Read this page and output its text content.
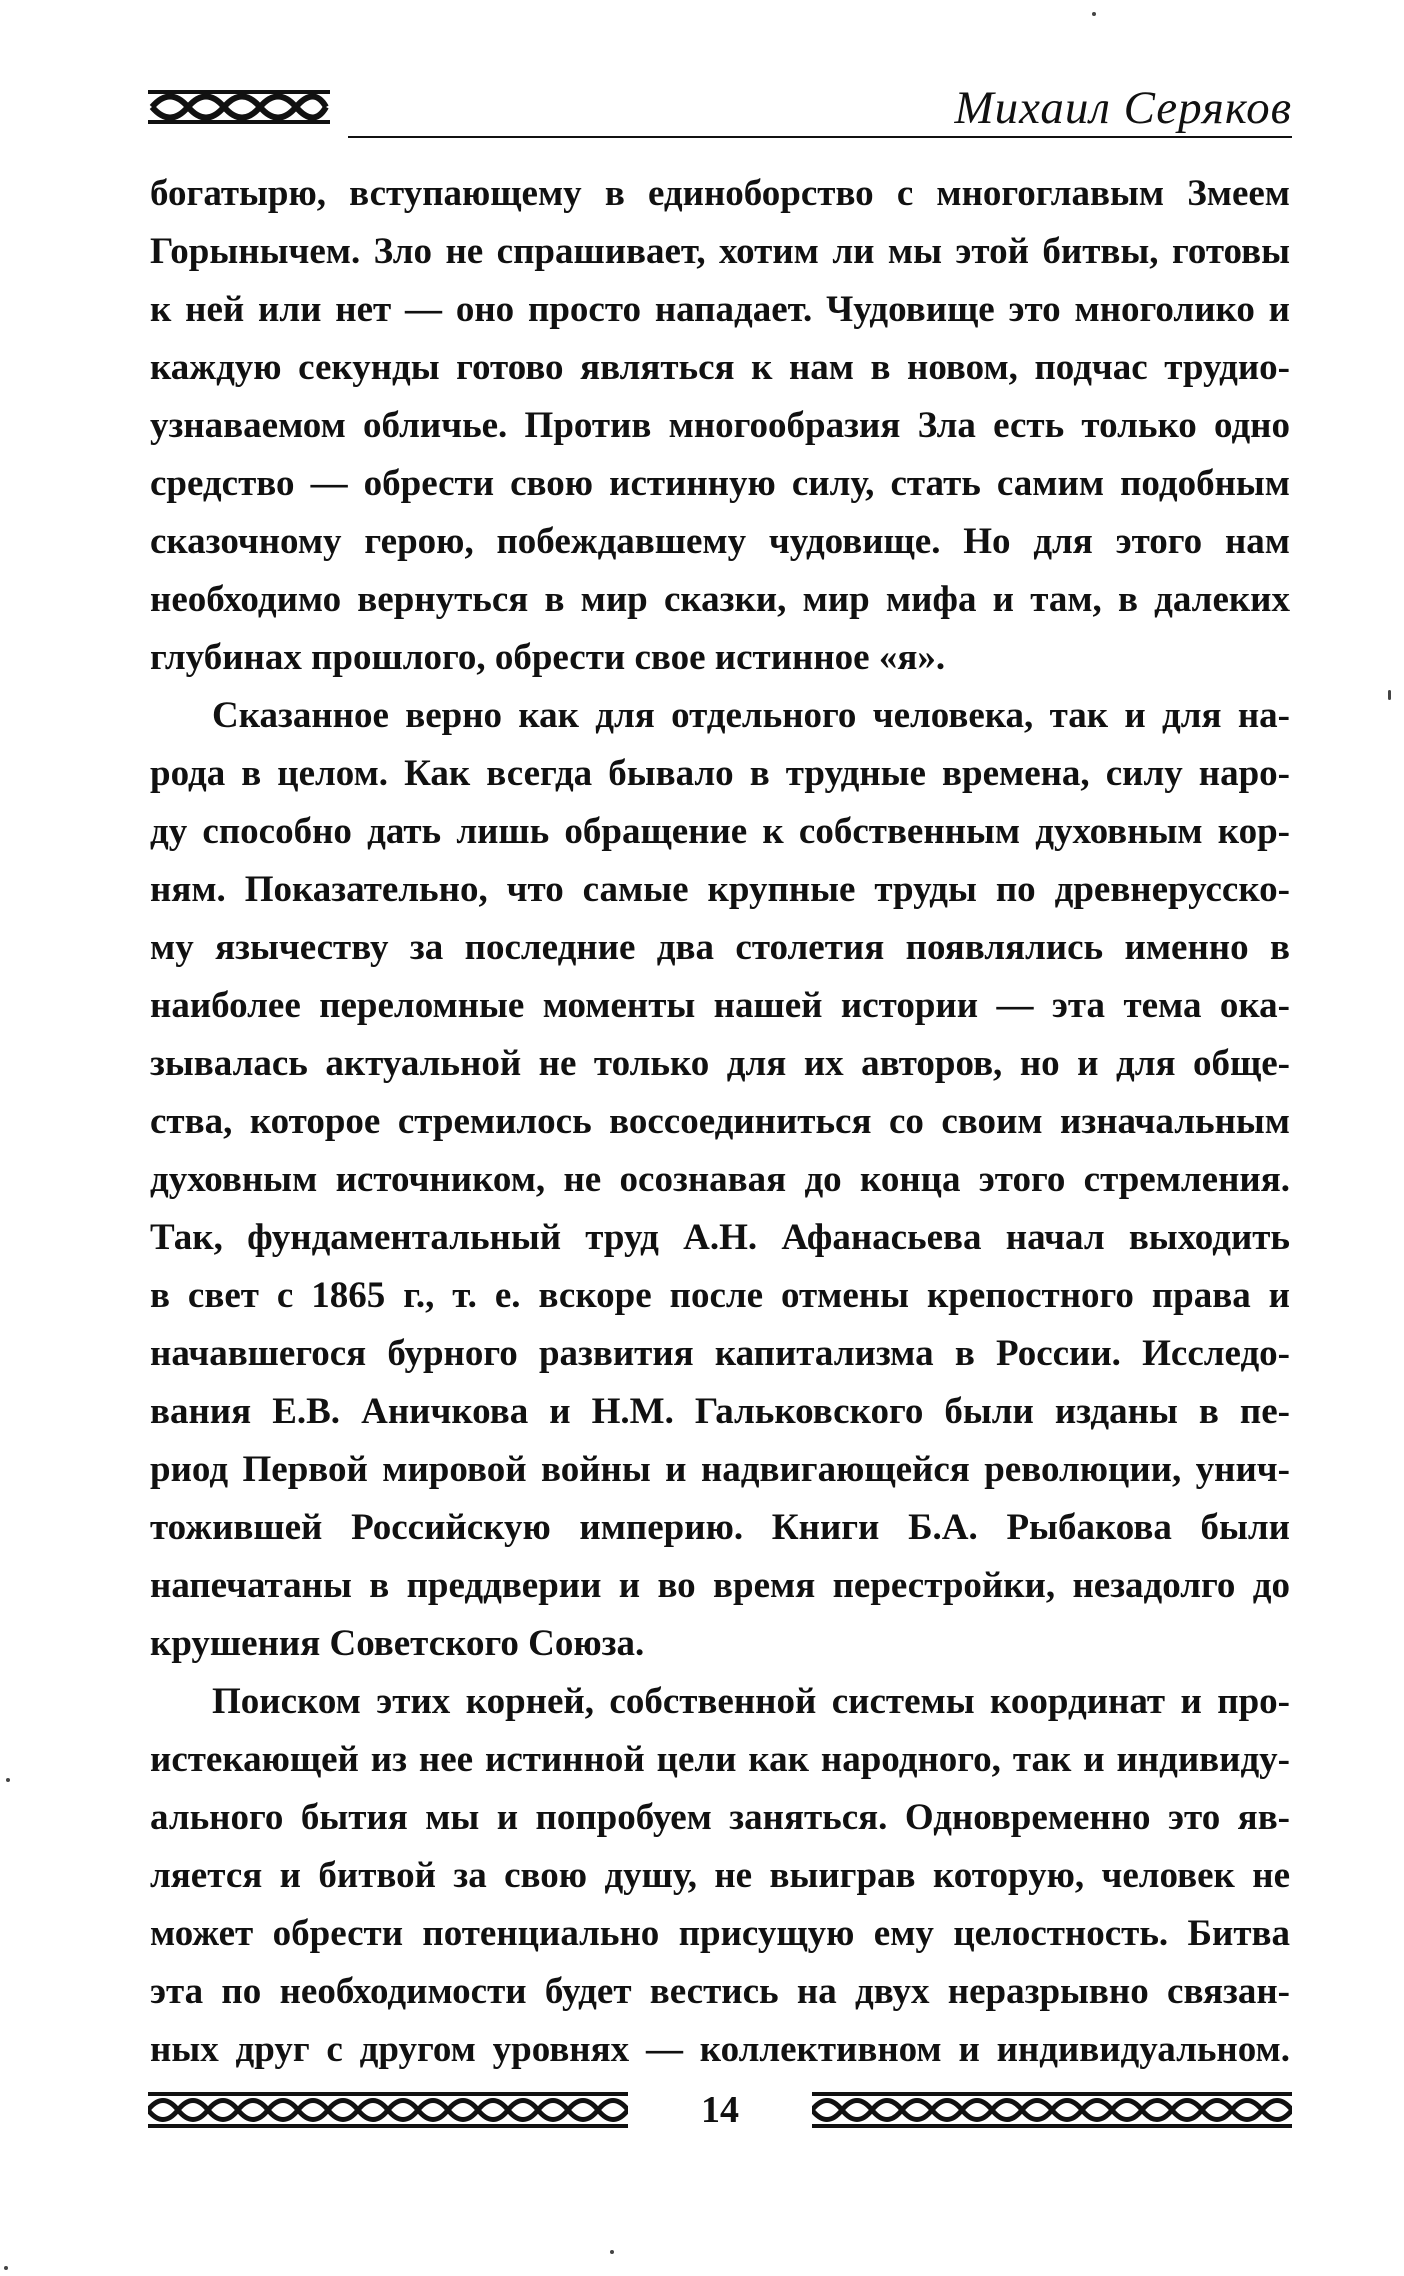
Михаил Серяков
богатырю, вступающему в единоборство с многоглавым Змеем
Горынычем. Зло не спрашивает, хотим ли мы этой битвы, готовы
к ней или нет — оно просто нападает. Чудовище это многолико и
каждую секунды готово являться к нам в новом, подчас трудио-
узнаваемом обличье. Против многообразия Зла есть только одно
средство — обрести свою истинную силу, стать самим подобным
сказочному герою, побеждавшему чудовище. Но для этого нам
необходимо вернуться в мир сказки, мир мифа и там, в далеких
глубинах прошлого, обрести свое истинное «я».
Сказанное верно как для отдельного человека, так и для на-
рода в целом. Как всегда бывало в трудные времена, силу наро-
ду способно дать лишь обращение к собственным духовным кор-
ням. Показательно, что самые крупные труды по древнерусско-
му язычеству за последние два столетия появлялись именно в
наиболее переломные моменты нашей истории — эта тема ока-
зывалась актуальной не только для их авторов, но и для обще-
ства, которое стремилось воссоединиться со своим изначальным
духовным источником, не осознавая до конца этого стремления.
Так, фундаментальный труд А.Н. Афанасьева начал выходить
в свет с 1865 г., т. е. вскоре после отмены крепостного права и
начавшегося бурного развития капитализма в России. Исследо-
вания Е.В. Аничкова и Н.М. Гальковского были изданы в пе-
риод Первой мировой войны и надвигающейся революции, унич-
тожившей Российскую империю. Книги Б.А. Рыбакова были
напечатаны в преддверии и во время перестройки, незадолго до
крушения Советского Союза.
Поиском этих корней, собственной системы координат и про-
истекающей из нее истинной цели как народного, так и индивиду-
ального бытия мы и попробуем заняться. Одновременно это яв-
ляется и битвой за свою душу, не выиграв которую, человек не
может обрести потенциально присущую ему целостность. Битва
эта по необходимости будет вестись на двух неразрывно связан-
ных друг с другом уровнях — коллективном и индивидуальном.
14
